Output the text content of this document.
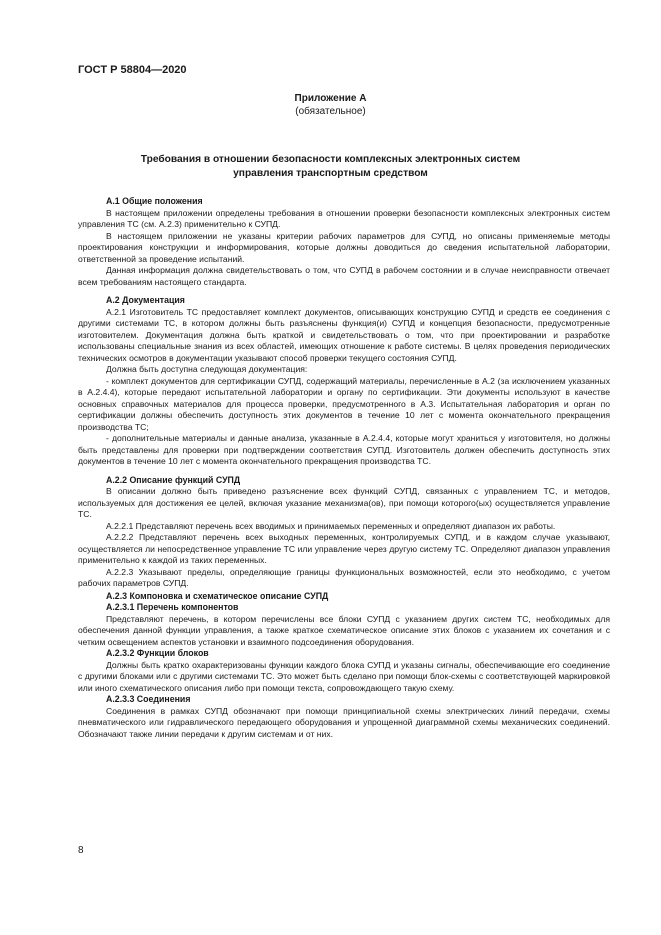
ГОСТ Р 58804—2020
Приложение А
(обязательное)
Требования в отношении безопасности комплексных электронных систем
управления транспортным средством
А.1 Общие положения

В настоящем приложении определены требования в отношении проверки безопасности комплексных электронных систем управления ТС (см. А.2.3) применительно к СУПД.

В настоящем приложении не указаны критерии рабочих параметров для СУПД, но описаны применяемые методы проектирования конструкции и информирования, которые должны доводиться до сведения испытательной лаборатории, ответственной за проведение испытаний.

Данная информация должна свидетельствовать о том, что СУПД в рабочем состоянии и в случае неисправности отвечает всем требованиям настоящего стандарта.

А.2 Документация

А.2.1 Изготовитель ТС предоставляет комплект документов, описывающих конструкцию СУПД и средств ее соединения с другими системами ТС, в котором должны быть разъяснены функция(и) СУПД и концепция безопасности, предусмотренные изготовителем. Документация должна быть краткой и свидетельствовать о том, что при проектировании и разработке использованы специальные знания из всех областей, имеющих отношение к работе системы. В целях проведения периодических технических осмотров в документации указывают способ проверки текущего состояния СУПД.

Должна быть доступна следующая документация:

- комплект документов для сертификации СУПД, содержащий материалы, перечисленные в А.2 (за исключением указанных в А.2.4.4), которые передают испытательной лаборатории и органу по сертификации. Эти документы используют в качестве основных справочных материалов для процесса проверки, предусмотренного в А.3. Испытательная лаборатория и орган по сертификации должны обеспечить доступность этих документов в течение 10 лет с момента окончательного прекращения производства ТС;

- дополнительные материалы и данные анализа, указанные в А.2.4.4, которые могут храниться у изготовителя, но должны быть представлены для проверки при подтверждении соответствия СУПД. Изготовитель должен обеспечить доступность этих документов в течение 10 лет с момента окончательного прекращения производства ТС.

А.2.2 Описание функций СУПД

В описании должно быть приведено разъяснение всех функций СУПД, связанных с управлением ТС, и методов, используемых для достижения ее целей, включая указание механизма(ов), при помощи которого(ых) осуществляется управление ТС.

А.2.2.1 Представляют перечень всех вводимых и принимаемых переменных и определяют диапазон их работы.

А.2.2.2 Представляют перечень всех выходных переменных, контролируемых СУПД, и в каждом случае указывают, осуществляется ли непосредственное управление ТС или управление через другую систему ТС. Определяют диапазон управления применительно к каждой из таких переменных.

А.2.2.3 Указывают пределы, определяющие границы функциональных возможностей, если это необходимо, с учетом рабочих параметров СУПД.

А.2.3 Компоновка и схематическое описание СУПД
А.2.3.1 Перечень компонентов

Представляют перечень, в котором перечислены все блоки СУПД с указанием других систем ТС, необходимых для обеспечения данной функции управления, а также краткое схематическое описание этих блоков с указанием их сочетания и с четким освещением аспектов установки и взаимного подсоединения оборудования.

А.2.3.2 Функции блоков

Должны быть кратко охарактеризованы функции каждого блока СУПД и указаны сигналы, обеспечивающие его соединение с другими блоками или с другими системами ТС. Это может быть сделано при помощи блок-схемы с соответствующей маркировкой или иного схематического описания либо при помощи текста, сопровождающего такую схему.

А.2.3.3 Соединения

Соединения в рамках СУПД обозначают при помощи принципиальной схемы электрических линий передачи, схемы пневматического или гидравлического передающего оборудования и упрощенной диаграммной схемы механических соединений. Обозначают также линии передачи к другим системам и от них.

8
